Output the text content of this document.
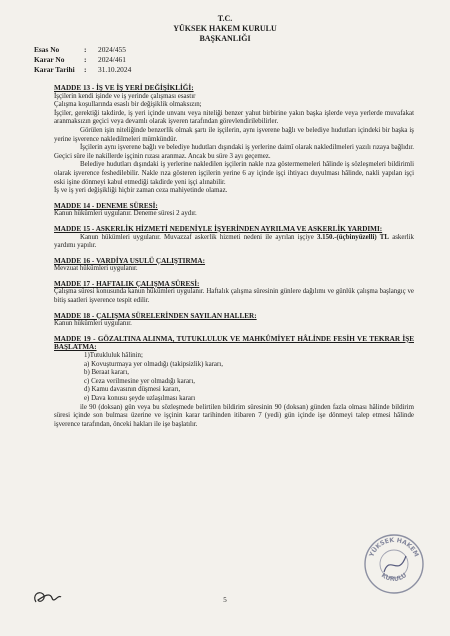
T.C.
YÜKSEK HAKEM KURULU
BAŞKANLIĞI
Esas No	:	2024/455
Karar No	:	2024/461
Karar Tarihi	:	31.10.2024
MADDE 13 - İŞ VE İŞ YERİ DEĞİŞİKLİĞİ:

İşçilerin kendi işinde ve iş yerinde çalışması esastır

Çalışma koşullarında esaslı bir değişiklik olmaksızın;

İşçiler, gerektiği takdirde, iş yeri içinde unvanı veya niteliği benzer yahut birbirine yakın başka işlerde veya yerlerde muvafakat aranmaksızın geçici veya devamlı olarak işveren tarafından görevlendirilebilirler.

Görülen işin niteliğinde benzerlik olmak şartı ile işçilerin, aynı işverene bağlı ve belediye hudutları içindeki bir başka iş yerine işverence nakledilmeleri mümkündür.

İşçilerin aynı işverene bağlı ve belediye hudutları dışındaki iş yerlerine daimî olarak nakledilmeleri yazılı rızaya bağlıdır. Geçici süre ile nakillerde işçinin rızası aranmaz. Ancak bu süre 3 ayı geçemez.

Belediye hudutları dışındaki iş yerlerine nakledilen işçilerin nakle rıza göstermemeleri hâlinde iş sözleşmeleri bildirimli olarak işverence feshedilebilir. Nakle rıza gösteren işçilerin yerine 6 ay içinde işçi ihtiyacı duyulması hâlinde, nakli yapılan işçi eski işine dönmeyi kabul etmediği takdirde yeni işçi alınabilir.

İş ve iş yeri değişikliği hiçbir zaman ceza mahiyetinde olamaz.

MADDE 14 - DENEME SÜRESİ:

Kanun hükümleri uygulanır. Deneme süresi 2 aydır.

MADDE 15 - ASKERLİK HİZMETİ NEDENİYLE İŞYERİNDEN AYRILMA VE ASKERLİK YARDIMI:

Kanun hükümleri uygulanır. Muvazzaf askerlik hizmeti nedeni ile ayrılan işçiye 3.150.-(üçbinyüzelli) TL askerlik yardımı yapılır.

MADDE 16 - VARDİYA USULÜ ÇALIŞTIRMA:

Mevzuat hükümleri uygulanır.

MADDE 17 - HAFTALIK ÇALIŞMA SÜRESİ:

Çalışma süresi konusunda kanun hükümleri uygulanır. Haftalık çalışma süresinin günlere dağılımı ve günlük çalışma başlangıç ve bitiş saatleri işverence tespit edilir.

MADDE 18 - ÇALIŞMA SÜRELERİNDEN SAYILAN HALLER:

Kanun hükümleri uygulanır.

MADDE 19 - GÖZALTINA ALINMA, TUTUKLULUK VE MAHKÛMİYET HÂLİNDE FESİH VE TEKRAR İŞE BAŞLATMA:

1)Tutukluluk hâlinin;

a) Kovuşturmaya yer olmadığı (takipsizlik) kararı,

b) Beraat kararı,

c) Ceza verilmesine yer olmadığı kararı,

d) Kamu davasının düşmesi kararı,

e) Dava konusu şeyde uzlaşılması kararı

ile 90 (doksan) gün veya bu sözleşmede belirtilen bildirim süresinin 90 (doksan) günden fazla olması hâlinde bildirim süresi içinde son bulması üzerine ve işçinin karar tarihinden itibaren 7 (yedi) gün içinde işe dönmeyi talep etmesi hâlinde işverence tarafından, önceki hakları ile işe başlatılır.

YÜKSEK HAKEM
KURULU
5
